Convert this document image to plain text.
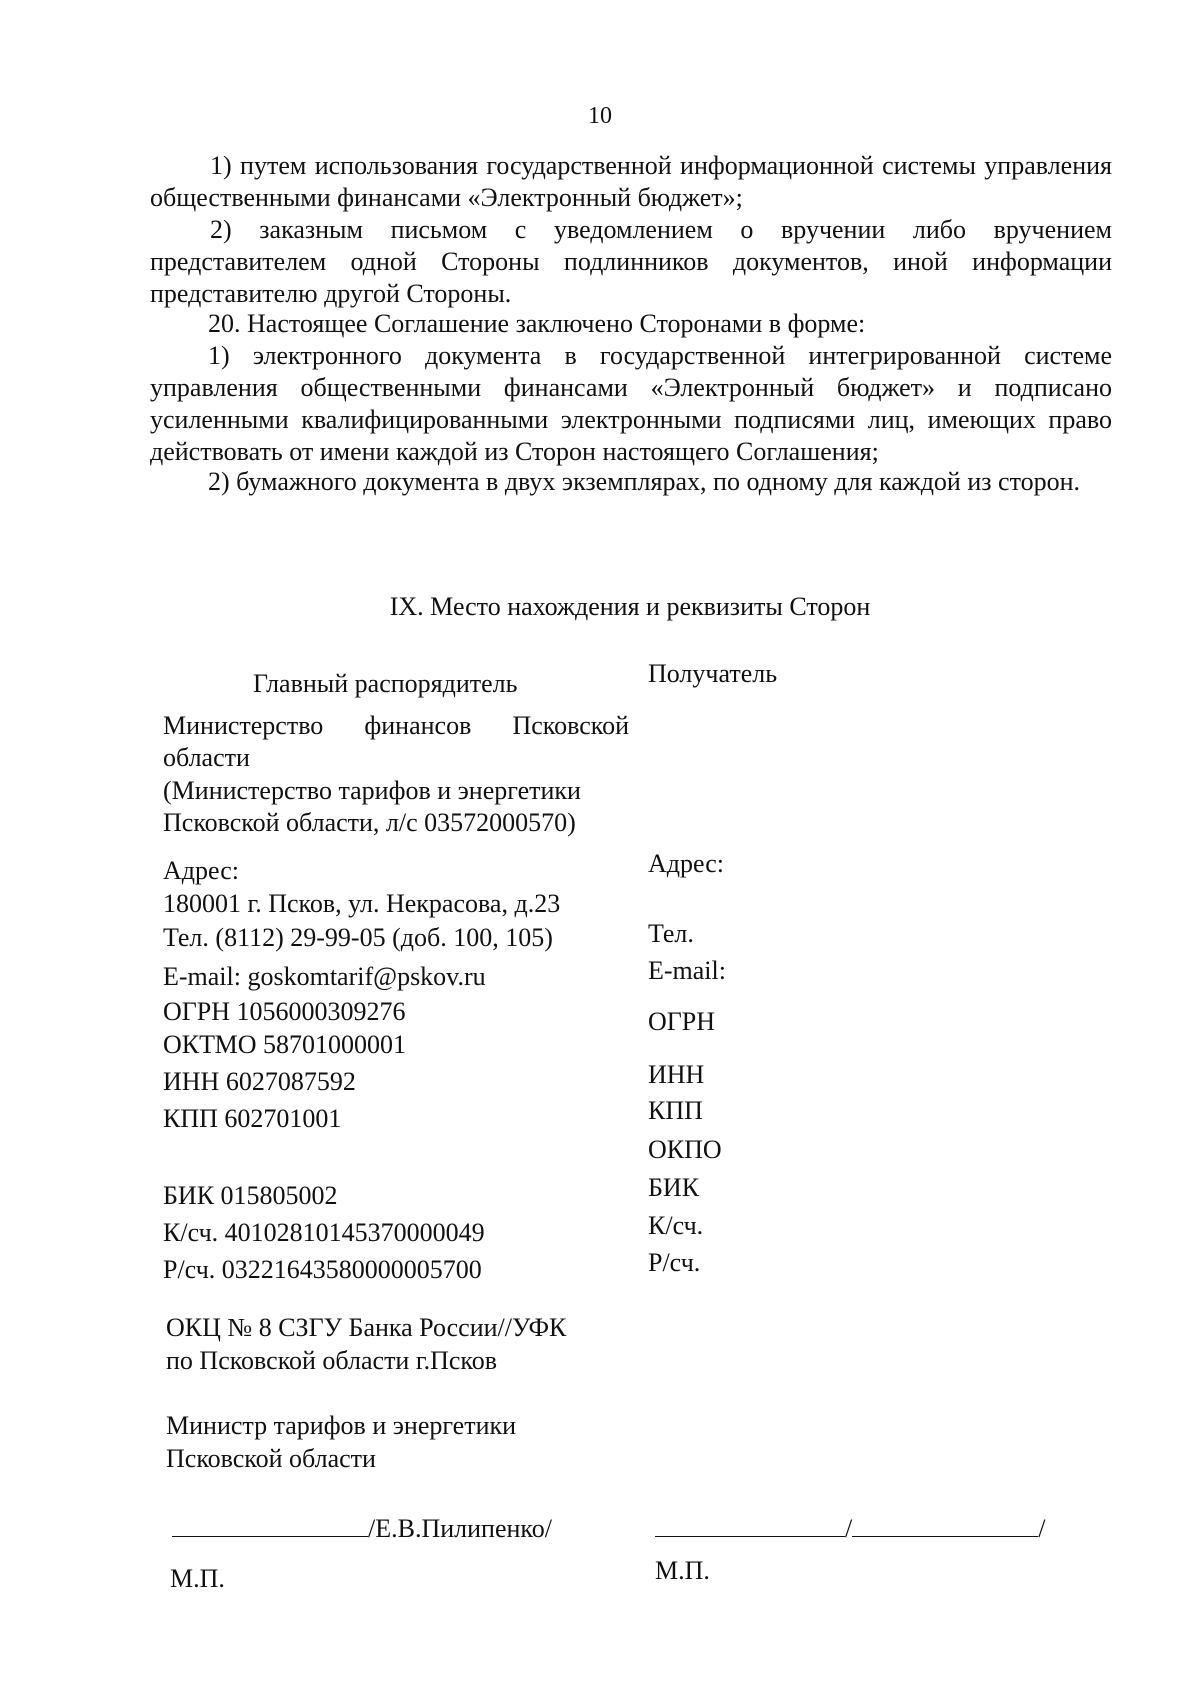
10
1) путем использования государственной информационной системы управления общественными финансами «Электронный бюджет»;
2) заказным письмом с уведомлением о вручении либо вручением представителем одной Стороны подлинников документов, иной информации представителю другой Стороны.
20. Настоящее Соглашение заключено Сторонами в форме:
1) электронного документа в государственной интегрированной системе управления общественными финансами «Электронный бюджет» и подписано усиленными квалифицированными электронными подписями лиц, имеющих право действовать от имени каждой из Сторон настоящего Соглашения;
2) бумажного документа в двух экземплярах, по одному для каждой из сторон.
IX. Место нахождения и реквизиты Сторон
Главный распорядитель
Министерство финансов Псковской
области
(Министерство тарифов и энергетики
Псковской области, л/с 03572000570)
Адрес:
180001 г. Псков, ул. Некрасова, д.23
Тел. (8112) 29-99-05 (доб. 100, 105)
E-mail: goskomtarif@pskov.ru
ОГРН 1056000309276
ОКТМО 58701000001
ИНН 6027087592
КПП 602701001
БИК 015805002
К/сч. 40102810145370000049
Р/сч. 03221643580000005700
ОКЦ № 8 СЗГУ Банка России//УФК
по Псковской области г.Псков
Министр тарифов и энергетики
Псковской области
/Е.В.Пилипенко/
М.П.
Получатель
Адрес:
Тел.
E-mail:
ОГРН
ИНН
КПП
ОКПО
БИК
К/сч.
Р/сч.
/	/
М.П.
